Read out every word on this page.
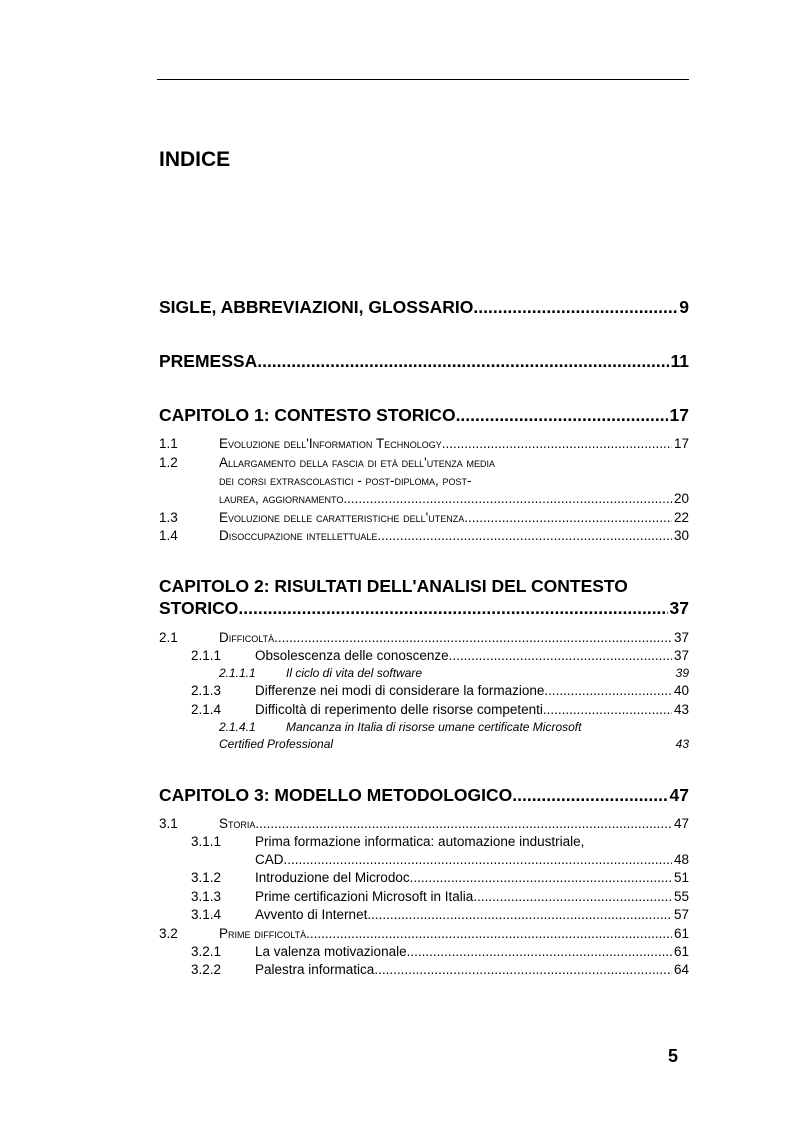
INDICE
SIGLE, ABBREVIAZIONI, GLOSSARIO .....	9
PREMESSA .....	11
CAPITOLO 1: CONTESTO STORICO .....	17
1.1	Evoluzione dell'Information Technology .....	17
1.2	Allargamento della fascia di età dell'utenza media
dei corsi extrascolastici - post-diploma, post-
laurea, aggiornamento .....	20
1.3	Evoluzione delle caratteristiche dell'utenza .....	22
1.4	Disoccupazione intellettuale .....	30
CAPITOLO 2: RISULTATI DELL'ANALISI DEL CONTESTO
STORICO .....	37
2.1	Difficoltà .....	37
2.1.1	Obsolescenza delle conoscenze .....	37
2.1.1.1	Il ciclo di vita del software	39
2.1.3	Differenze nei modi di considerare la formazione .....	40
2.1.4	Difficoltà di reperimento delle risorse competenti .....	43
2.1.4.1	Mancanza in Italia di risorse umane certificate Microsoft
Certified Professional	43
CAPITOLO 3: MODELLO METODOLOGICO .....	47
3.1	Storia .....	47
3.1.1	Prima formazione informatica: automazione industriale,
CAD .....	48
3.1.2	Introduzione del Microdoc .....	51
3.1.3	Prime certificazioni Microsoft in Italia .....	55
3.1.4	Avvento di Internet .....	57
3.2	Prime difficoltà .....	61
3.2.1	La valenza motivazionale .....	61
3.2.2	Palestra informatica .....	64
5
